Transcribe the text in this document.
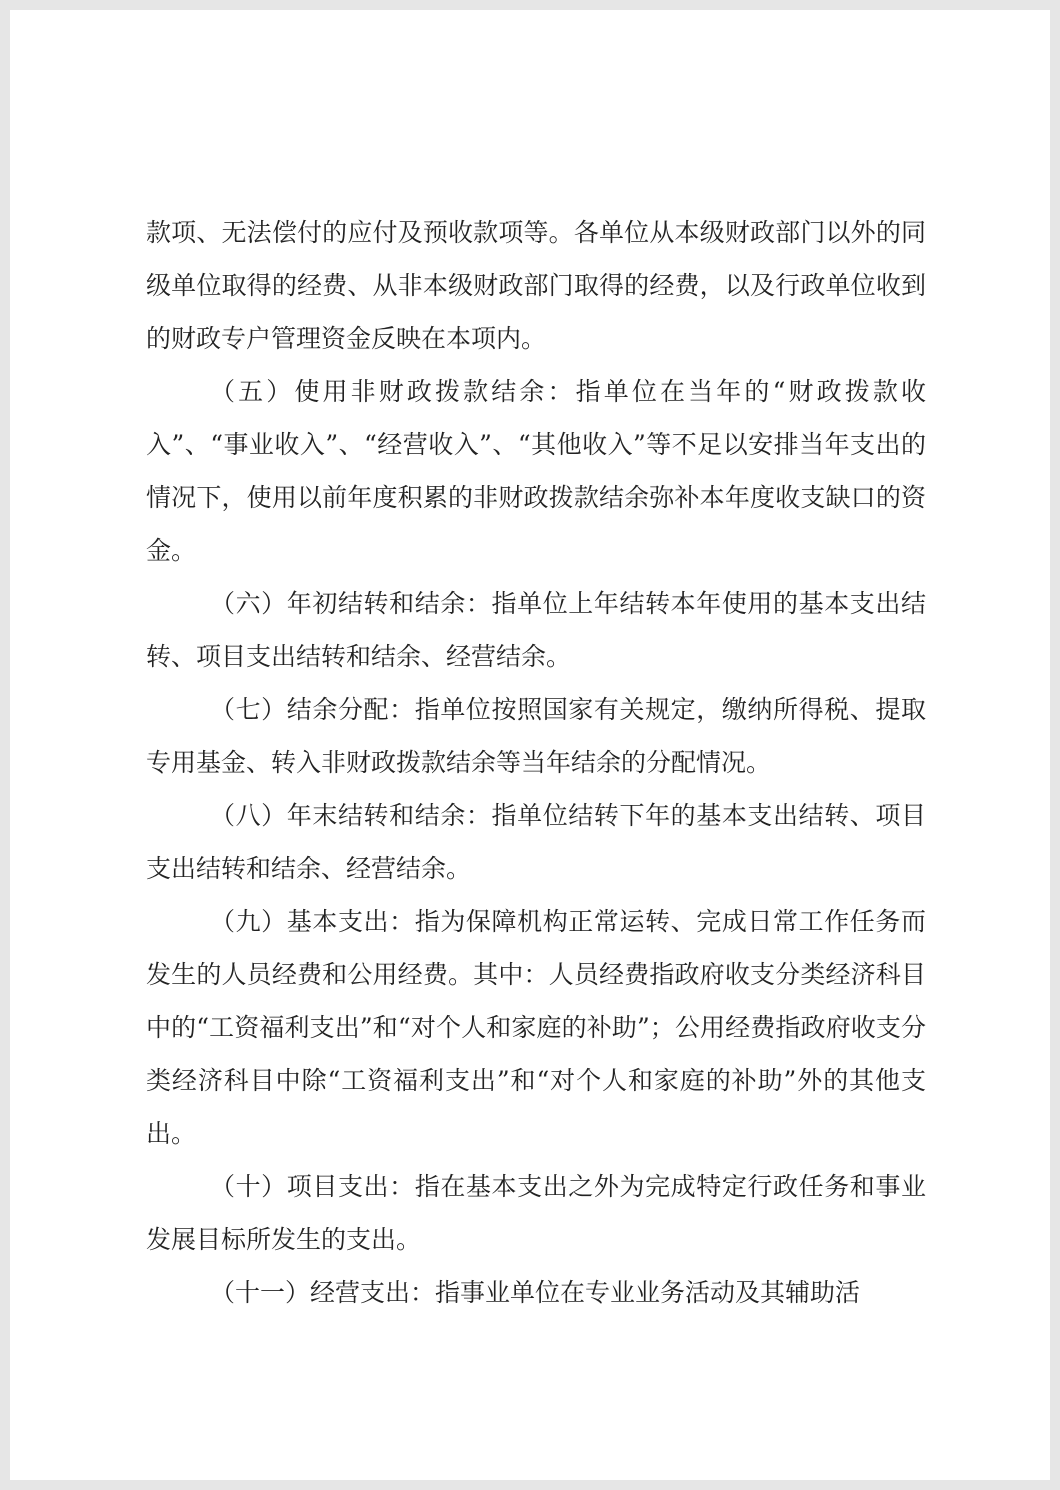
款项、无法偿付的应付及预收款项等。各单位从本级财政部门以外的同级单位取得的经费、从非本级财政部门取得的经费，以及行政单位收到的财政专户管理资金反映在本项内。

（五）使用非财政拨款结余：指单位在当年的“财政拨款收入”、“事业收入”、“经营收入”、“其他收入”等不足以安排当年支出的情况下，使用以前年度积累的非财政拨款结余弥补本年度收支缺口的资金。

（六）年初结转和结余：指单位上年结转本年使用的基本支出结转、项目支出结转和结余、经营结余。

（七）结余分配：指单位按照国家有关规定，缴纳所得税、提取专用基金、转入非财政拨款结余等当年结余的分配情况。

（八）年末结转和结余：指单位结转下年的基本支出结转、项目支出结转和结余、经营结余。

（九）基本支出：指为保障机构正常运转、完成日常工作任务而发生的人员经费和公用经费。其中：人员经费指政府收支分类经济科目中的“工资福利支出”和“对个人和家庭的补助”；公用经费指政府收支分类经济科目中除“工资福利支出”和“对个人和家庭的补助”外的其他支出。

（十）项目支出：指在基本支出之外为完成特定行政任务和事业发展目标所发生的支出。

（十一）经营支出：指事业单位在专业业务活动及其辅助活
